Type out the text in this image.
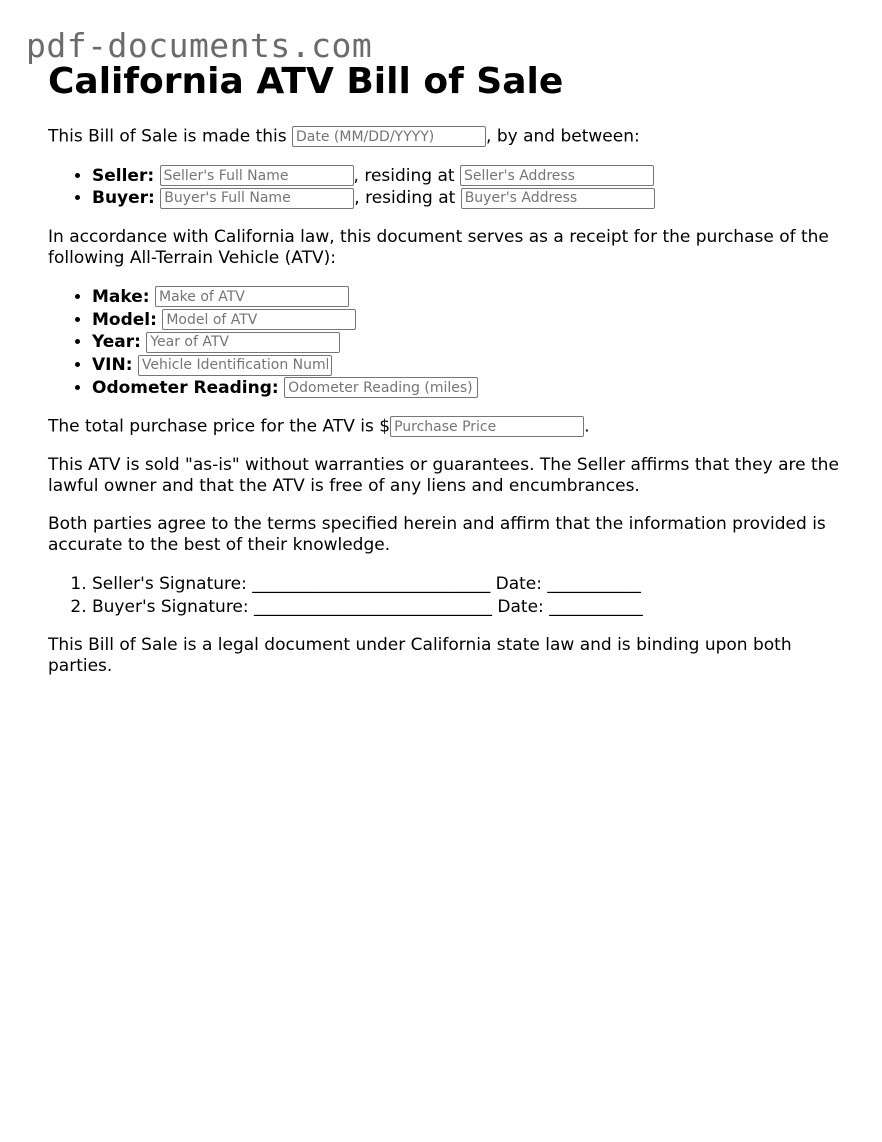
pdf-documents.com
California ATV Bill of Sale

This Bill of Sale is made this Date (MM/DD/YYYY)	, by and between:

• Seller: Seller's Full Name	, residing at Seller's Address
• Buyer: Buyer's Full Name	, residing at Buyer's Address

In accordance with California law, this document serves as a receipt for the purchase of the following All-Terrain Vehicle (ATV):

• Make: Make of ATV
• Model: Model of ATV
• Year: Year of ATV
• VIN: Vehicle Identification Number
• Odometer Reading: Odometer Reading (miles)

The total purchase price for the ATV is $Purchase Price	.

This ATV is sold "as-is" without warranties or guarantees. The Seller affirms that they are the lawful owner and that the ATV is free of any liens and encumbrances.

Both parties agree to the terms specified herein and affirm that the information provided is accurate to the best of their knowledge.

1. Seller's Signature: ____________________________ Date: ___________
2. Buyer's Signature: ____________________________ Date: ___________

This Bill of Sale is a legal document under California state law and is binding upon both parties.
